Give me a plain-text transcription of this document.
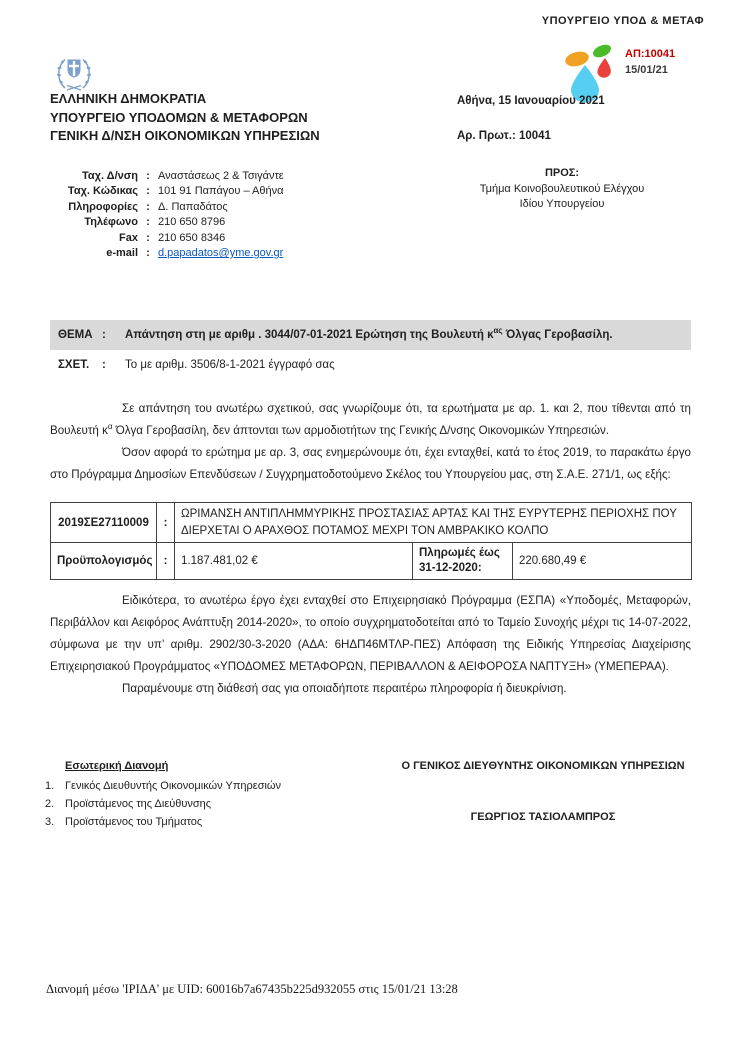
ΥΠΟΥΡΓΕΙΟ ΥΠΟΔ & ΜΕΤΑΦ
ΑΠ:10041
15/01/21
ΕΛΛΗΝΙΚΗ ΔΗΜΟΚΡΑΤΙΑ
ΥΠΟΥΡΓΕΙΟ ΥΠΟΔΟΜΩΝ & ΜΕΤΑΦΟΡΩΝ
ΓΕΝΙΚΗ Δ/ΝΣΗ ΟΙΚΟΝΟΜΙΚΩΝ ΥΠΗΡΕΣΙΩΝ
Αθήνα, 15 Ιανουαρίου 2021
Αρ. Πρωτ.: 10041
Ταχ. Δ/νση : Αναστάσεως 2 & Τσιγάντε
Ταχ. Κώδικας : 101 91 Παπάγου – Αθήνα
Πληροφορίες : Δ. Παπαδάτος
Τηλέφωνο : 210 650 8796
Fax : 210 650 8346
e-mail : d.papadatos@yme.gov.gr
ΠΡΟΣ:
Τμήμα Κοινοβουλευτικού Ελέγχου
Ιδίου Υπουργείου
ΘΕΜΑ :	Απάντηση στη με αριθμ . 3044/07-01-2021 Ερώτηση της Βουλευτή $\kappa^{\alpha\varsigma}$ Όλγας Γεροβασίλη.
ΣΧΕΤ.	:	Το με αριθμ. 3506/8-1-2021 έγγραφό σας

Σε απάντηση του ανωτέρω σχετικού, σας γνωρίζουμε ότι, τα ερωτήματα με αρ. 1. και 2, που τίθενται από τη Βουλευτή $\kappa^\alpha$ Όλγα Γεροβασίλη, δεν άπτονται των αρμοδιοτήτων της Γενικής Δ/νσης Οικονομικών Υπηρεσιών.

Όσον αφορά το ερώτημα με αρ. 3, σας ενημερώνουμε ότι, έχει ενταχθεί, κατά το έτος 2019, το παρακάτω έργο στο Πρόγραμμα Δημοσίων Επενδύσεων / Συγχρηματοδοτούμενο Σκέλος του Υπουργείου μας, στη Σ.Α.Ε. 271/1, ως εξής:

2019ΣΕ27110009	:	ΩΡΙΜΑΝΣΗ ΑΝΤΙΠΛΗΜΜΥΡΙΚΗΣ ΠΡΟΣΤΑΣΙΑΣ ΑΡΤΑΣ ΚΑΙ ΤΗΣ ΕΥΡΥΤΕΡΗΣ ΠΕΡΙΟΧΗΣ ΠΟΥ ΔΙΕΡΧΕΤΑΙ Ο ΑΡΑΧΘΟΣ ΠΟΤΑΜΟΣ ΜΕΧΡΙ ΤΟΝ ΑΜΒΡΑΚΙΚΟ ΚΟΛΠΟ		
Προϋπολογισμός	:	1.187.481,02 €	Πληρωμές έως 31-12-2020:	220.680,49 €

Ειδικότερα, το ανωτέρω έργο έχει ενταχθεί στο Επιχειρησιακό Πρόγραμμα (ΕΣΠΑ) «Υποδομές, Μεταφορών, Περιβάλλον και Αειφόρος Ανάπτυξη 2014-2020», το οποίο συγχρηματοδοτείται από το Ταμείο Συνοχής μέχρι τις 14-07-2022, σύμφωνα με την υπ’ αριθμ. 2902/30-3-2020 (ΑΔΑ: 6ΗΔΠ46ΜΤΛΡ-ΠΕΣ) Απόφαση της Ειδικής Υπηρεσίας Διαχείρισης Επιχειρησιακού Προγράμματος «ΥΠΟΔΟΜΕΣ ΜΕΤΑΦΟΡΩΝ, ΠΕΡΙΒΑΛΛΟΝ & ΑΕΙΦΟΡΟΣΑ ΝΑΠΤΥΞΗ» (ΥΜΕΠΕΡΑΑ).

Παραμένουμε στη διάθεσή σας για οποιαδήποτε περαιτέρω πληροφορία ή διευκρίνιση.

Εσωτερική Διανομή
1. Γενικός Διευθυντής Οικονομικών Υπηρεσιών
2. Προϊστάμενος της Διεύθυνσης
3. Προϊστάμενος του Τμήματος
Ο ΓΕΝΙΚΟΣ ΔΙΕΥΘΥΝΤΗΣ ΟΙΚΟΝΟΜΙΚΩΝ ΥΠΗΡΕΣΙΩΝ
ΓΕΩΡΓΙΟΣ ΤΑΣΙΟΛΑΜΠΡΟΣ
Διανομή μέσω 'ΙΡΙΔΑ' με UID: 60016b7a67435b225d932055 στις 15/01/21 13:28
